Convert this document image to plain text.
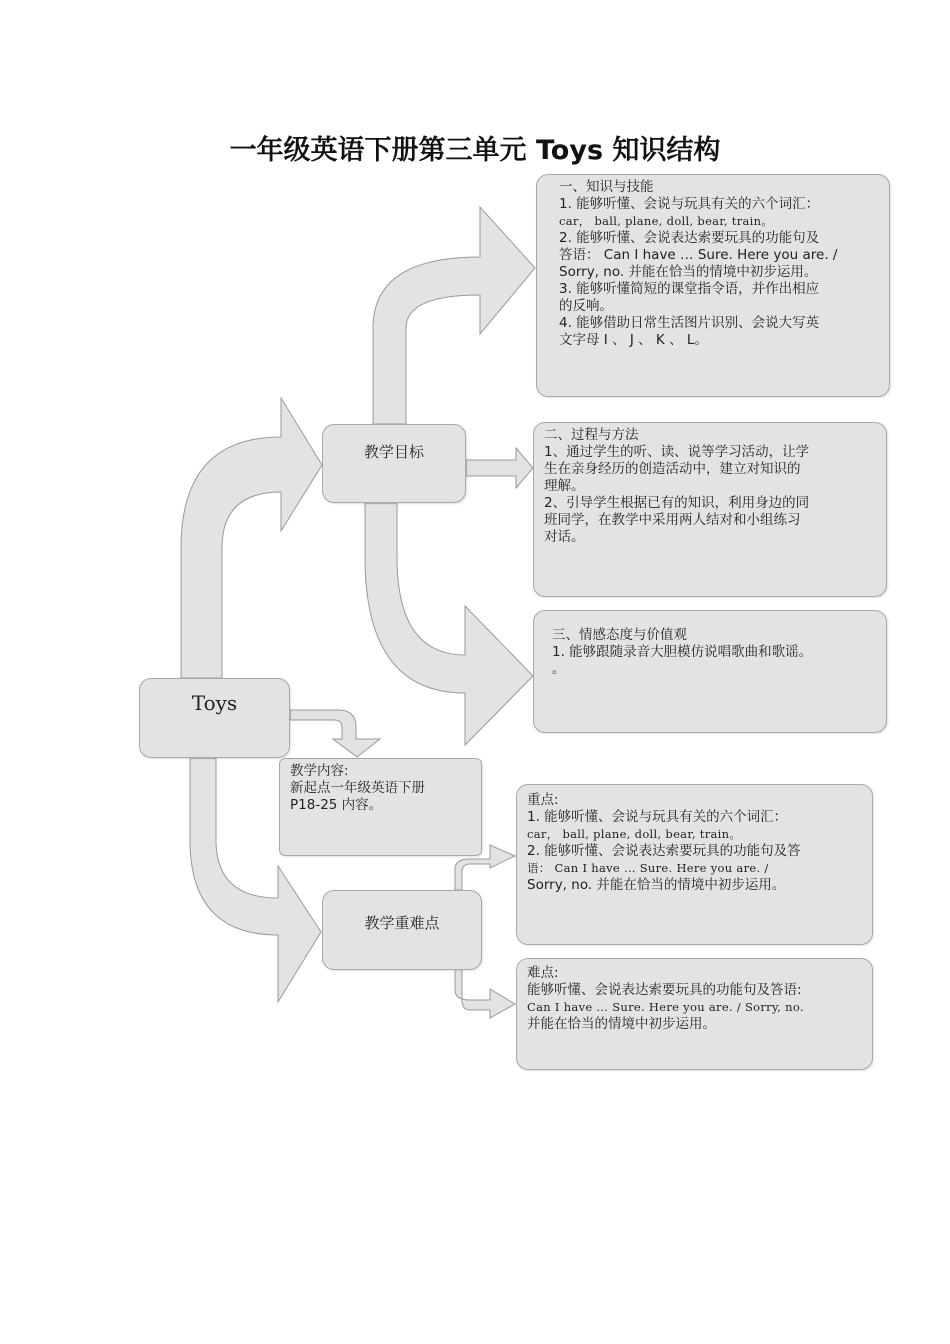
一年级英语下册第三单元 Toys 知识结构
Toys
教学目标
教学重难点
教学内容:
新起点一年级英语下册
P18-25 内容。
一、知识与技能
1. 能够听懂、会说与玩具有关的六个词汇：
car， ball, plane, doll, bear, train。
2. 能够听懂、会说表达索要玩具的功能句及
答语： Can I have … Sure. Here you are. /
Sorry, no. 并能在恰当的情境中初步运用。
3. 能够听懂简短的课堂指令语，并作出相应
的反响。
4. 能够借助日常生活图片识别、会说大写英
文字母 I 、 J 、 K 、 L。
二、过程与方法
1、通过学生的听、读、说等学习活动，让学
生在亲身经历的创造活动中，建立对知识的
理解。
2、引导学生根据已有的知识，利用身边的同
班同学，在教学中采用两人结对和小组练习
对话。
三、情感态度与价值观
1. 能够跟随录音大胆模仿说唱歌曲和歌谣。
。
重点:
1. 能够听懂、会说与玩具有关的六个词汇：
car， ball, plane, doll, bear, train。
2. 能够听懂、会说表达索要玩具的功能句及答
语： Can I have … Sure. Here you are. /
Sorry, no. 并能在恰当的情境中初步运用。
难点:
能够听懂、会说表达索要玩具的功能句及答语:
Can I have … Sure. Here you are. / Sorry, no.
并能在恰当的情境中初步运用。
